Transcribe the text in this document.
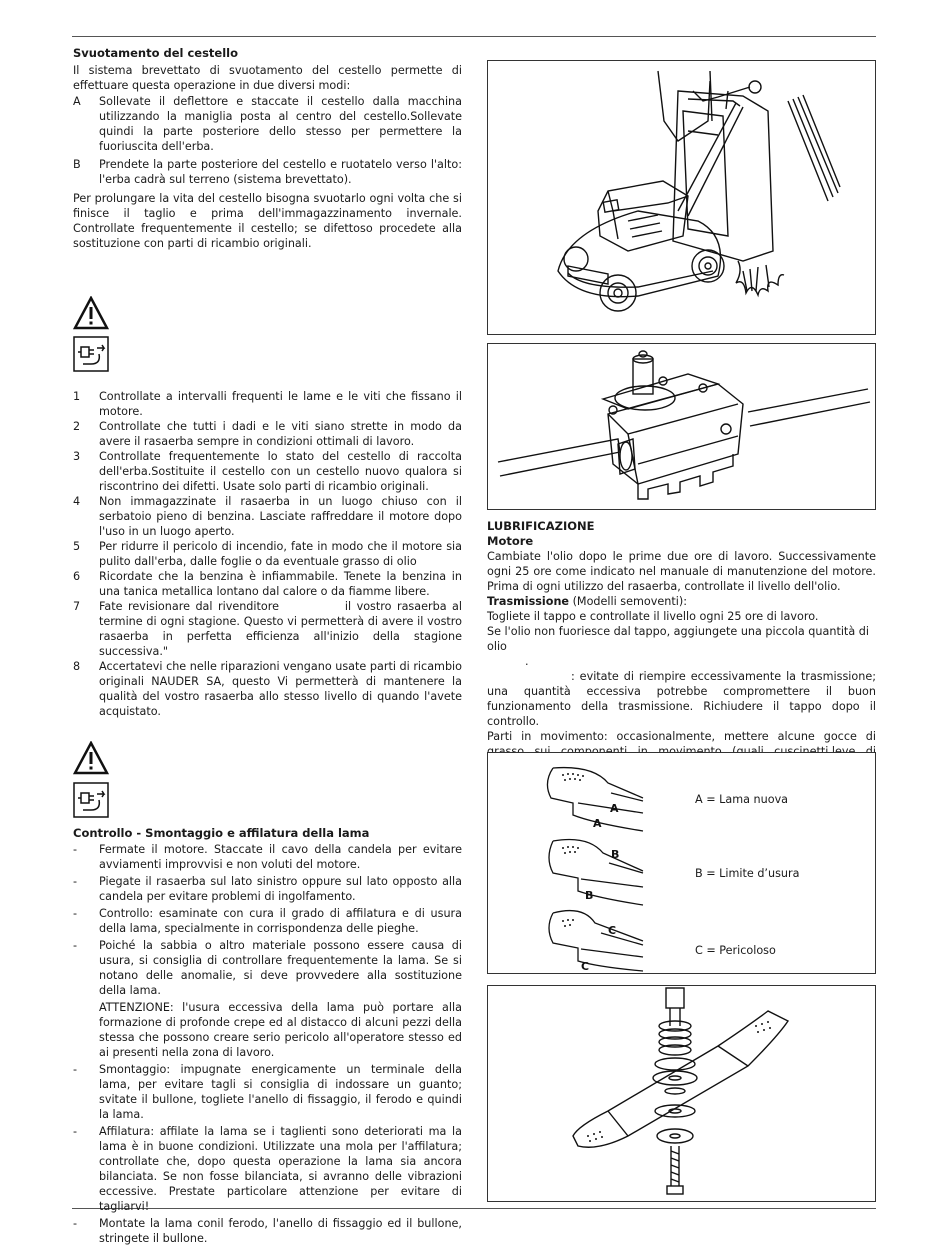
Svuotamento del cestello

Il sistema brevettato di svuotamento del cestello permette di effettuare questa operazione in due diversi modi:

A	Sollevate il deflettore e staccate il cestello dalla macchina utilizzando la maniglia posta al centro del cestello.Sollevate quindi la parte posteriore dello stesso per permettere la fuoriuscita dell'erba.
B	Prendete la parte posteriore del cestello e ruotatelo verso l'alto: l'erba cadrà sul terreno (sistema brevettato).

Per prolungare la vita del cestello bisogna svuotarlo ogni volta che si finisce il taglio e prima dell'immagazzinamento invernale. Controllate frequentemente il cestello; se difettoso procedete alla sostituzione con parti di ricambio originali.

1	Controllate a intervalli frequenti le lame e le viti che fissano il motore.
2	Controllate che tutti i dadi e le viti siano strette in modo da avere il rasaerba sempre in condizioni ottimali di lavoro.
3	Controllate frequentemente lo stato del cestello di raccolta dell'erba.Sostituite il cestello con un cestello nuovo qualora si riscontrino dei difetti. Usate solo parti di ricambio originali.
4	Non immagazzinate il rasaerba in un luogo chiuso con il serbatoio pieno di benzina. Lasciate raffreddare il motore dopo l'uso in un luogo aperto.
5	Per ridurre il pericolo di incendio, fate in modo che il motore sia pulito dall'erba, dalle foglie o da eventuale grasso di olio
6	Ricordate che la benzina è infiammabile. Tenete la benzina in una tanica metallica lontano dal calore o da fiamme libere.
7	Fate revisionare dal rivenditore            il vostro rasaerba al termine di ogni stagione. Questo vi permetterà di avere il vostro rasaerba in perfetta efficienza all'inizio della stagione successiva."
8	Accertatevi che nelle riparazioni vengano usate parti di ricambio originali NAUDER SA, questo Vi permetterà di mantenere la qualità del vostro rasaerba allo stesso livello di quando l'avete acquistato.

Controllo - Smontaggio e affilatura della lama

-	Fermate il motore. Staccate il cavo della candela per evitare avviamenti improvvisi e non voluti del motore.
-	Piegate il rasaerba sul lato sinistro oppure sul lato opposto alla candela per evitare problemi di ingolfamento.
-	Controllo: esaminate con cura il grado di affilatura e di usura della lama, specialmente in corrispondenza delle pieghe.
-	Poiché la sabbia o altro materiale possono essere causa di usura, si consiglia di controllare frequentemente la lama. Se si notano delle anomalie, si deve provvedere alla sostituzione della lama.
ATTENZIONE: l'usura eccessiva della lama può portare alla formazione di profonde crepe ed al distacco di alcuni pezzi della stessa che possono creare serio pericolo all'operatore stesso ed ai presenti nella zona di lavoro.
-	Smontaggio: impugnate energicamente un terminale della lama, per evitare tagli si consiglia di indossare un guanto;    svitate il bullone, togliete l'anello di fissaggio, il ferodo e quindi la lama.
-	Affilatura: affilate la lama se i taglienti sono deteriorati ma la lama è in buone condizioni. Utilizzate una mola per l'affilatura; controllate che, dopo questa operazione la lama sia ancora bilanciata. Se non fosse bilanciata, si avranno delle vibrazioni eccessive. Prestate particolare attenzione per evitare di tagliarvi!
-	Montate la lama conil ferodo, l'anello di fissaggio ed il bullone, stringete il bullone.

LUBRIFICAZIONE

Motore

Cambiate l'olio dopo le prime due ore di lavoro. Successivamente ogni 25 ore come indicato nel manuale di manutenzione del motore. Prima di ogni utilizzo del rasaerba, controllate il livello dell'olio.

Trasmissione (Modelli semoventi):

Togliete il tappo e controllate il livello ogni 25 ore di lavoro.

Se l'olio non fuoriesce dal tappo, aggiungete una piccola quantità di olio

.

: evitate di riempire eccessivamente la trasmissione; una quantità eccessiva potrebbe compromettere il buon funzionamento della trasmissione. Richiudere il tappo dopo il controllo.

Parti in movimento: occasionalmente, mettere alcune gocce di

A
A
B
B
C
C
A = Lama nuova
B = Limite d’usura
C = Pericoloso
